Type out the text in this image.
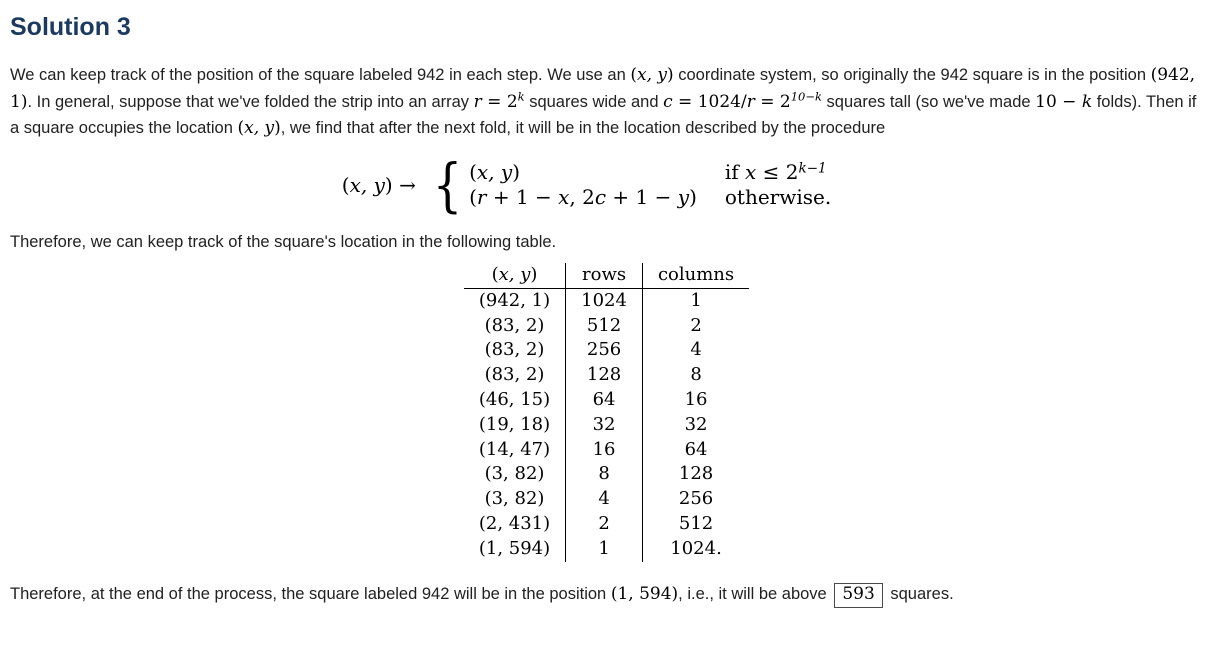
Solution 3

We can keep track of the position of the square labeled 942 in each step. We use an (x, y) coordinate system, so originally the 942 square is in the position (942, 1). In general, suppose that we've folded the strip into an array $r = 2^k$ squares wide and $c = 1024/r = 2^{10-k}$ squares tall (so we've made 10 − k folds). Then if a square occupies the location (x, y), we find that after the next fold, it will be in the location described by the procedure

(x, y) → { (x, y)	if $x \le 2^{k-1}$
(r + 1 − x, 2c + 1 − y) otherwise.

Therefore, we can keep track of the square's location in the following table.

(x, y)	rows	columns
(942, 1)	1024	1
(83, 2)	512	2
(83, 2)	256	4
(83, 2)	128	8
(46, 15)	64	16
(19, 18)	32	32
(14, 47)	16	64
(3, 82)	8	128
(3, 82)	4	256
(2, 431)	2	512
(1, 594)	1	1024.

Therefore, at the end of the process, the square labeled 942 will be in the position (1, 594), i.e., it will be above 593 squares.
